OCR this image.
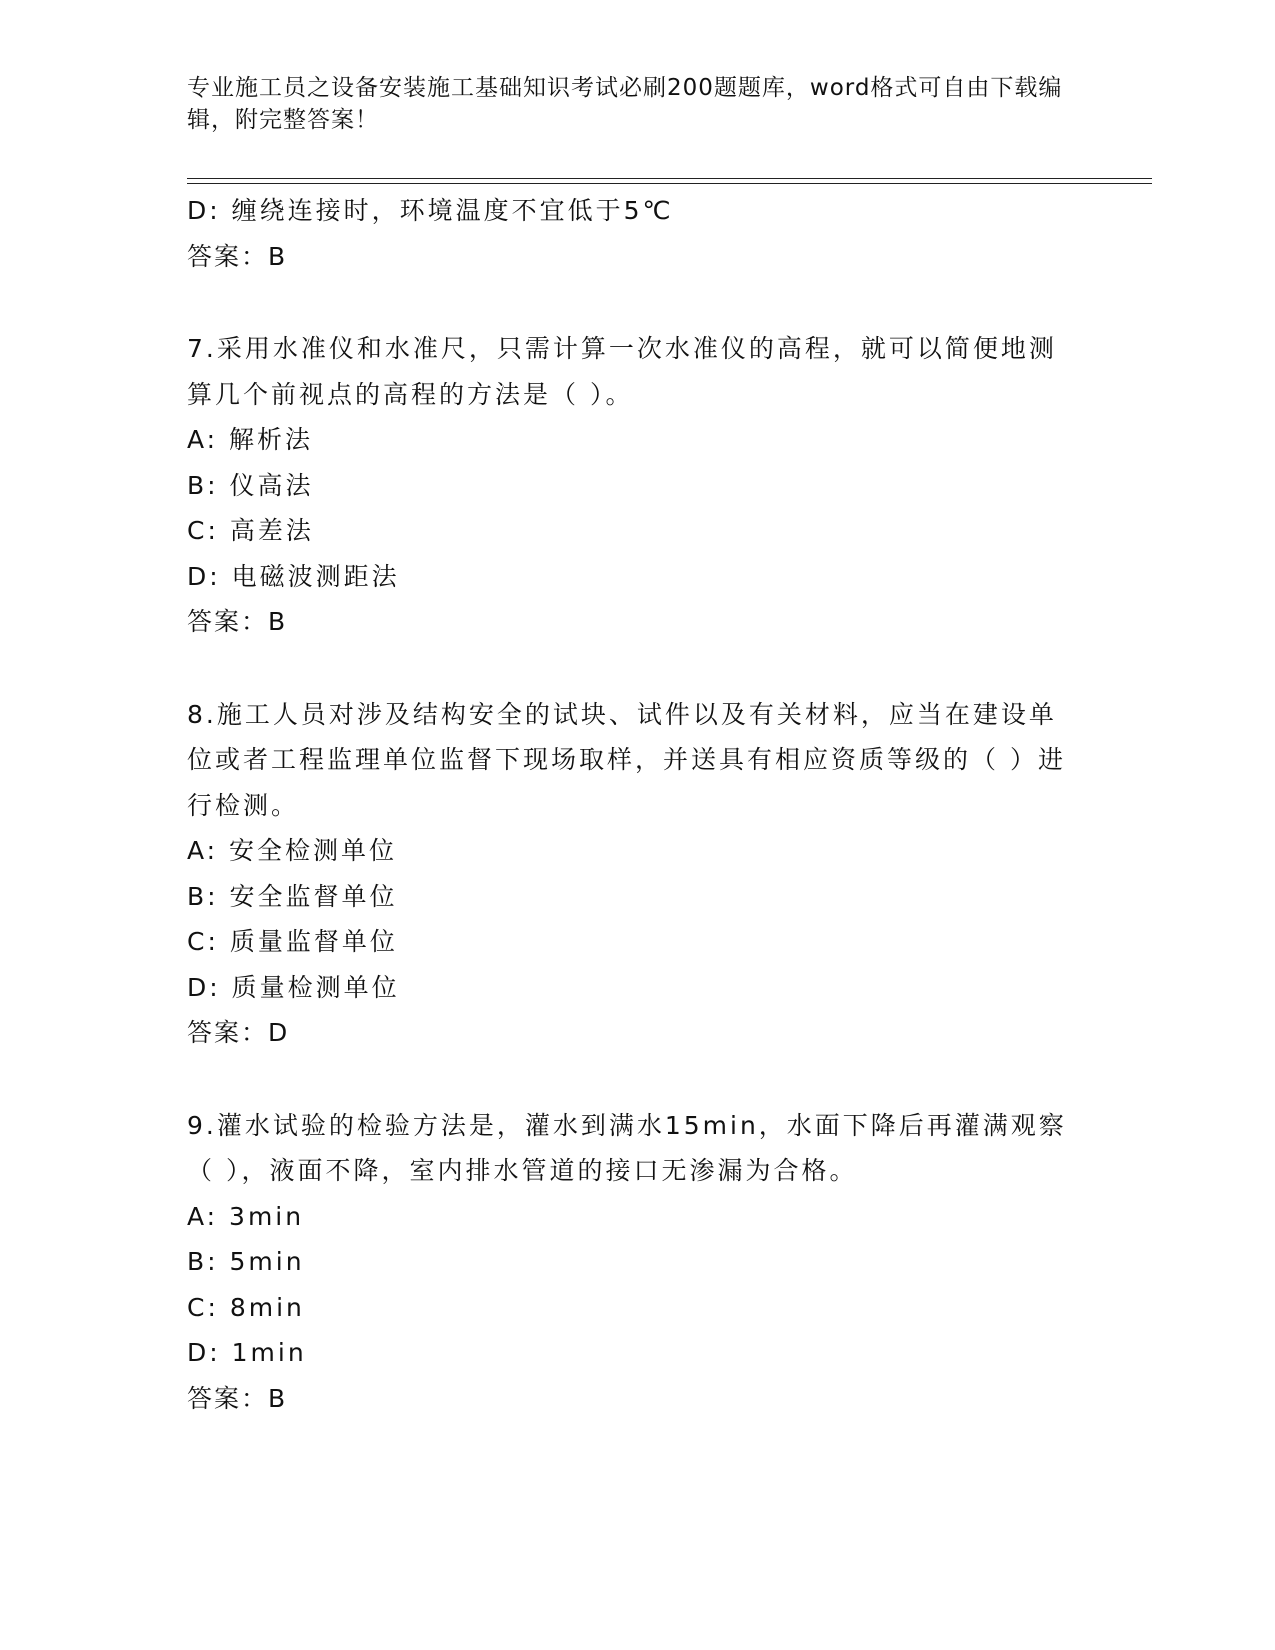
专业施工员之设备安装施工基础知识考试必刷200题题库，word格式可自由下载编辑，附完整答案！
D: 缠绕连接时，环境温度不宜低于5℃
答案：B
7.采用水准仪和水准尺，只需计算一次水准仪的高程，就可以简便地测算几个前视点的高程的方法是（ ）。
A: 解析法
B: 仪高法
C: 高差法
D: 电磁波测距法
答案：B
8.施工人员对涉及结构安全的试块、试件以及有关材料，应当在建设单位或者工程监理单位监督下现场取样，并送具有相应资质等级的（ ）进行检测。
A: 安全检测单位
B: 安全监督单位
C: 质量监督单位
D: 质量检测单位
答案：D
9.灌水试验的检验方法是，灌水到满水15min，水面下降后再灌满观察（ ），液面不降，室内排水管道的接口无渗漏为合格。
A: 3min
B: 5min
C: 8min
D: 1min
答案：B
